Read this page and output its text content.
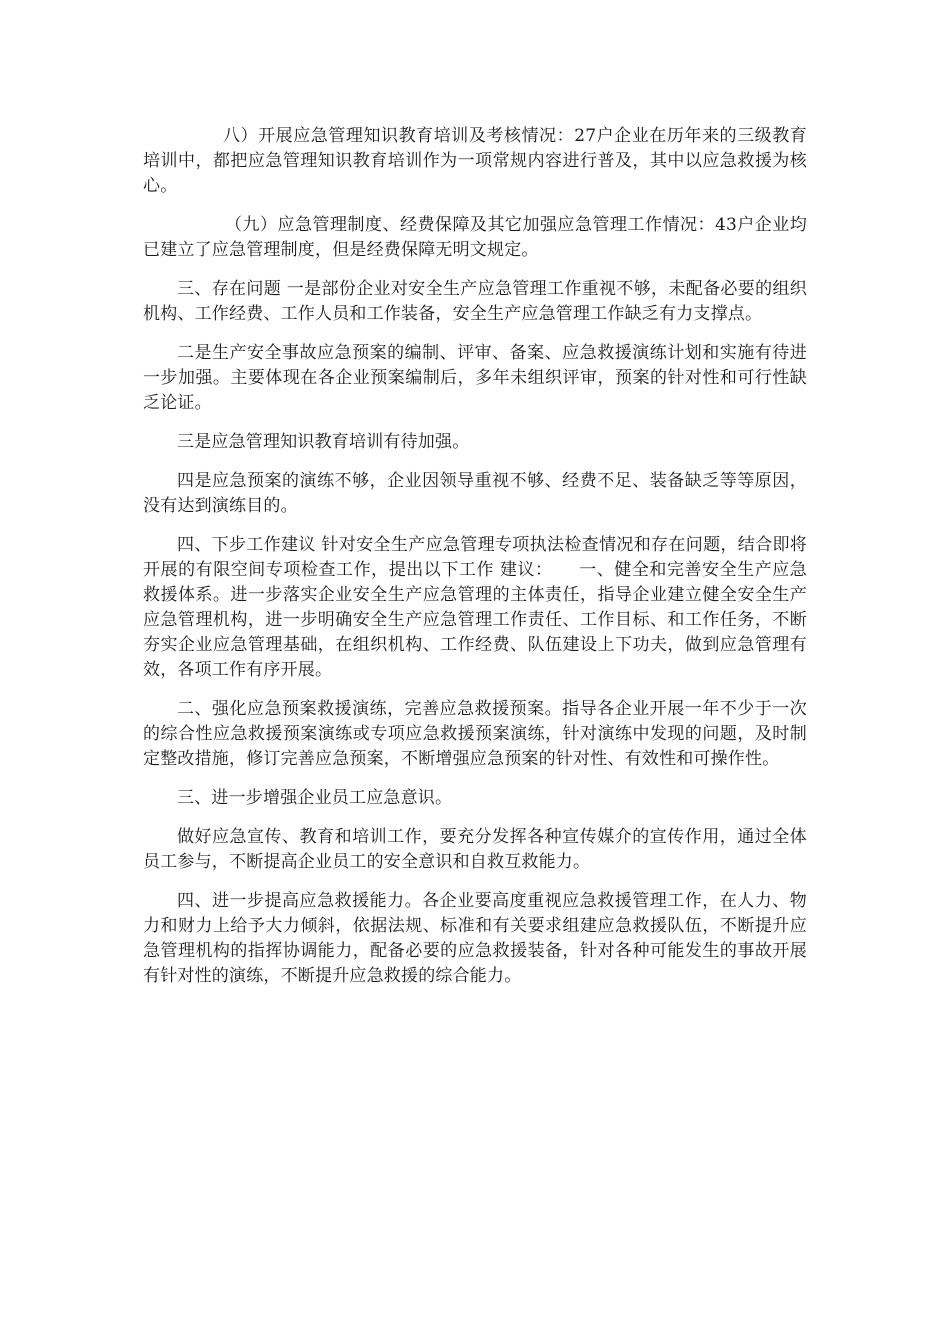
八）开展应急管理知识教育培训及考核情况：27户企业在历年来的三级教育培训中，都把应急管理知识教育培训作为一项常规内容进行普及，其中以应急救援为核心。

（九）应急管理制度、经费保障及其它加强应急管理工作情况：43户企业均已建立了应急管理制度，但是经费保障无明文规定。

三、存在问题 一是部份企业对安全生产应急管理工作重视不够，未配备必要的组织机构、工作经费、工作人员和工作装备，安全生产应急管理工作缺乏有力支撑点。

二是生产安全事故应急预案的编制、评审、备案、应急救援演练计划和实施有待进一步加强。主要体现在各企业预案编制后，多年未组织评审，预案的针对性和可行性缺乏论证。

三是应急管理知识教育培训有待加强。

四是应急预案的演练不够，企业因领导重视不够、经费不足、装备缺乏等等原因，没有达到演练目的。

四、下步工作建议 针对安全生产应急管理专项执法检查情况和存在问题，结合即将开展的有限空间专项检查工作，提出以下工作 建议：　　一、健全和完善安全生产应急救援体系。进一步落实企业安全生产应急管理的主体责任，指导企业建立健全安全生产应急管理机构，进一步明确安全生产应急管理工作责任、工作目标、和工作任务，不断夯实企业应急管理基础，在组织机构、工作经费、队伍建设上下功夫，做到应急管理有效，各项工作有序开展。

二、强化应急预案救援演练，完善应急救援预案。指导各企业开展一年不少于一次的综合性应急救援预案演练或专项应急救援预案演练，针对演练中发现的问题，及时制定整改措施，修订完善应急预案，不断增强应急预案的针对性、有效性和可操作性。

三、进一步增强企业员工应急意识。

做好应急宣传、教育和培训工作，要充分发挥各种宣传媒介的宣传作用，通过全体员工参与，不断提高企业员工的安全意识和自救互救能力。

四、进一步提高应急救援能力。各企业要高度重视应急救援管理工作，在人力、物力和财力上给予大力倾斜，依据法规、标准和有关要求组建应急救援队伍，不断提升应急管理机构的指挥协调能力，配备必要的应急救援装备，针对各种可能发生的事故开展有针对性的演练，不断提升应急救援的综合能力。
